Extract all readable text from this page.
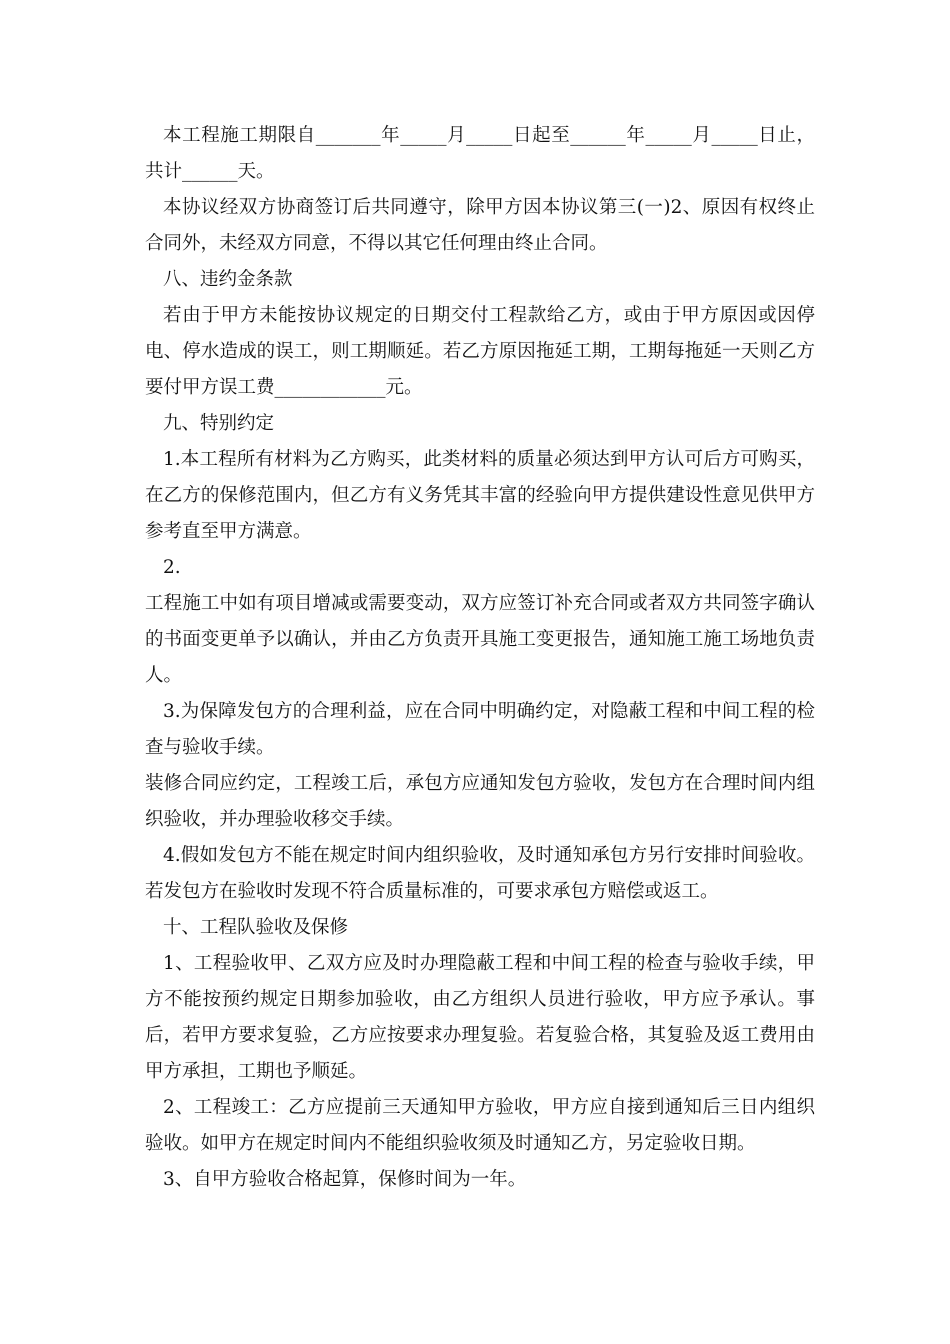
本工程施工期限自_______年_____月_____日起至______年_____月_____日止，共计______天。

本协议经双方协商签订后共同遵守，除甲方因本协议第三(一)2、原因有权终止合同外，未经双方同意，不得以其它任何理由终止合同。

八、违约金条款

若由于甲方未能按协议规定的日期交付工程款给乙方，或由于甲方原因或因停电、停水造成的误工，则工期顺延。若乙方原因拖延工期，工期每拖延一天则乙方要付甲方误工费____________元。

九、特别约定

1.本工程所有材料为乙方购买，此类材料的质量必须达到甲方认可后方可购买，在乙方的保修范围内，但乙方有义务凭其丰富的经验向甲方提供建设性意见供甲方参考直至甲方满意。

2.

工程施工中如有项目增减或需要变动，双方应签订补充合同或者双方共同签字确认的书面变更单予以确认，并由乙方负责开具施工变更报告，通知施工施工场地负责人。

3.为保障发包方的合理利益，应在合同中明确约定，对隐蔽工程和中间工程的检查与验收手续。

装修合同应约定，工程竣工后，承包方应通知发包方验收，发包方在合理时间内组织验收，并办理验收移交手续。

4.假如发包方不能在规定时间内组织验收，及时通知承包方另行安排时间验收。若发包方在验收时发现不符合质量标准的，可要求承包方赔偿或返工。

十、工程队验收及保修

1、工程验收甲、乙双方应及时办理隐蔽工程和中间工程的检查与验收手续，甲方不能按预约规定日期参加验收，由乙方组织人员进行验收，甲方应予承认。事后，若甲方要求复验，乙方应按要求办理复验。若复验合格，其复验及返工费用由甲方承担，工期也予顺延。

2、工程竣工：乙方应提前三天通知甲方验收，甲方应自接到通知后三日内组织验收。如甲方在规定时间内不能组织验收须及时通知乙方，另定验收日期。

3、自甲方验收合格起算，保修时间为一年。
